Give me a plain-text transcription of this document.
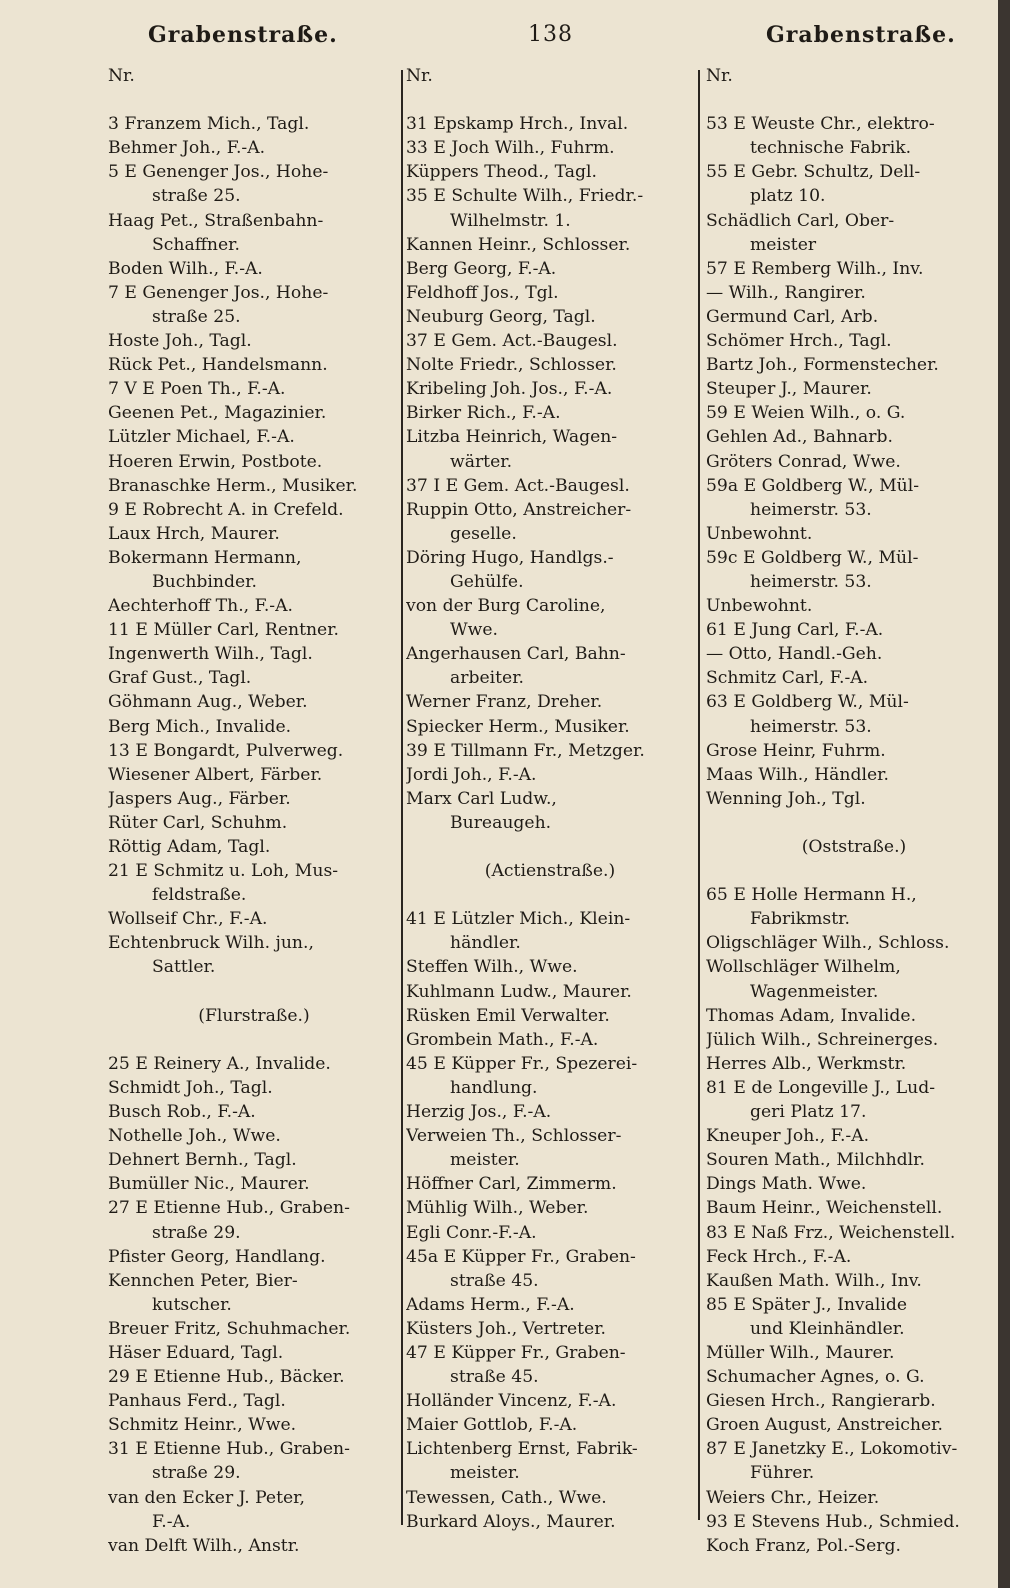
Grabenstraße.	138	Grabenstraße.
Nr.
3 Franzem Mich., Tagl.
Behmer Joh., F.-A.
5 E Genenger Jos., Hohe-
straße 25.
Haag Pet., Straßenbahn-
Schaffner.
Boden Wilh., F.-A.
7 E Genenger Jos., Hohe-
straße 25.
Hoste Joh., Tagl.
Rück Pet., Handelsmann.
7 V E Poen Th., F.-A.
Geenen Pet., Magazinier.
Lützler Michael, F.-A.
Hoeren Erwin, Postbote.
Branaschke Herm., Musiker.
9 E Robrecht A. in Crefeld.
Laux Hrch, Maurer.
Bokermann Hermann,
Buchbinder.
Aechterhoff Th., F.-A.
11 E Müller Carl, Rentner.
Ingenwerth Wilh., Tagl.
Graf Gust., Tagl.
Göhmann Aug., Weber.
Berg Mich., Invalide.
13 E Bongardt, Pulverweg.
Wiesener Albert, Färber.
Jaspers Aug., Färber.
Rüter Carl, Schuhm.
Röttig Adam, Tagl.
21 E Schmitz u. Loh, Mus-
feldstraße.
Wollseif Chr., F.-A.
Echtenbruck Wilh. jun.,
Sattler.
(Flurstraße.)
25 E Reinery A., Invalide.
Schmidt Joh., Tagl.
Busch Rob., F.-A.
Nothelle Joh., Wwe.
Dehnert Bernh., Tagl.
Bumüller Nic., Maurer.
27 E Etienne Hub., Graben-
straße 29.
Pfister Georg, Handlang.
Kennchen Peter, Bier-
kutscher.
Breuer Fritz, Schuhmacher.
Häser Eduard, Tagl.
29 E Etienne Hub., Bäcker.
Panhaus Ferd., Tagl.
Schmitz Heinr., Wwe.
31 E Etienne Hub., Graben-
straße 29.
van den Ecker J. Peter,
F.-A.
van Delft Wilh., Anstr.
Nr.
31 Epskamp Hrch., Inval.
33 E Joch Wilh., Fuhrm.
Küppers Theod., Tagl.
35 E Schulte Wilh., Friedr.-
Wilhelmstr. 1.
Kannen Heinr., Schlosser.
Berg Georg, F.-A.
Feldhoff Jos., Tgl.
Neuburg Georg, Tagl.
37 E Gem. Act.-Baugesl.
Nolte Friedr., Schlosser.
Kribeling Joh. Jos., F.-A.
Birker Rich., F.-A.
Litzba Heinrich, Wagen-
wärter.
37 I E Gem. Act.-Baugesl.
Ruppin Otto, Anstreicher-
geselle.
Döring Hugo, Handlgs.-
Gehülfe.
von der Burg Caroline,
Wwe.
Angerhausen Carl, Bahn-
arbeiter.
Werner Franz, Dreher.
Spiecker Herm., Musiker.
39 E Tillmann Fr., Metzger.
Jordi Joh., F.-A.
Marx Carl Ludw.,
Bureaugeh.
(Actienstraße.)
41 E Lützler Mich., Klein-
händler.
Steffen Wilh., Wwe.
Kuhlmann Ludw., Maurer.
Rüsken Emil Verwalter.
Grombein Math., F.-A.
45 E Küpper Fr., Spezerei-
handlung.
Herzig Jos., F.-A.
Verweien Th., Schlosser-
meister.
Höffner Carl, Zimmerm.
Mühlig Wilh., Weber.
Egli Conr.-F.-A.
45a E Küpper Fr., Graben-
straße 45.
Adams Herm., F.-A.
Küsters Joh., Vertreter.
47 E Küpper Fr., Graben-
straße 45.
Holländer Vincenz, F.-A.
Maier Gottlob, F.-A.
Lichtenberg Ernst, Fabrik-
meister.
Tewessen, Cath., Wwe.
Burkard Aloys., Maurer.
Nr.
53 E Weuste Chr., elektro-
technische Fabrik.
55 E Gebr. Schultz, Dell-
platz 10.
Schädlich Carl, Ober-
meister
57 E Remberg Wilh., Inv.
— Wilh., Rangirer.
Germund Carl, Arb.
Schömer Hrch., Tagl.
Bartz Joh., Formenstecher.
Steuper J., Maurer.
59 E Weien Wilh., o. G.
Gehlen Ad., Bahnarb.
Gröters Conrad, Wwe.
59a E Goldberg W., Mül-
heimerstr. 53.
Unbewohnt.
59c E Goldberg W., Mül-
heimerstr. 53.
Unbewohnt.
61 E Jung Carl, F.-A.
— Otto, Handl.-Geh.
Schmitz Carl, F.-A.
63 E Goldberg W., Mül-
heimerstr. 53.
Grose Heinr, Fuhrm.
Maas Wilh., Händler.
Wenning Joh., Tgl.
(Oststraße.)
65 E Holle Hermann H.,
Fabrikmstr.
Oligschläger Wilh., Schloss.
Wollschläger Wilhelm,
Wagenmeister.
Thomas Adam, Invalide.
Jülich Wilh., Schreinerges.
Herres Alb., Werkmstr.
81 E de Longeville J., Lud-
geri Platz 17.
Kneuper Joh., F.-A.
Souren Math., Milchhdlr.
Dings Math. Wwe.
Baum Heinr., Weichenstell.
83 E Naß Frz., Weichenstell.
Feck Hrch., F.-A.
Kaußen Math. Wilh., Inv.
85 E Später J., Invalide
und Kleinhändler.
Müller Wilh., Maurer.
Schumacher Agnes, o. G.
Giesen Hrch., Rangierarb.
Groen August, Anstreicher.
87 E Janetzky E., Lokomotiv-
Führer.
Weiers Chr., Heizer.
93 E Stevens Hub., Schmied.
Koch Franz, Pol.-Serg.
